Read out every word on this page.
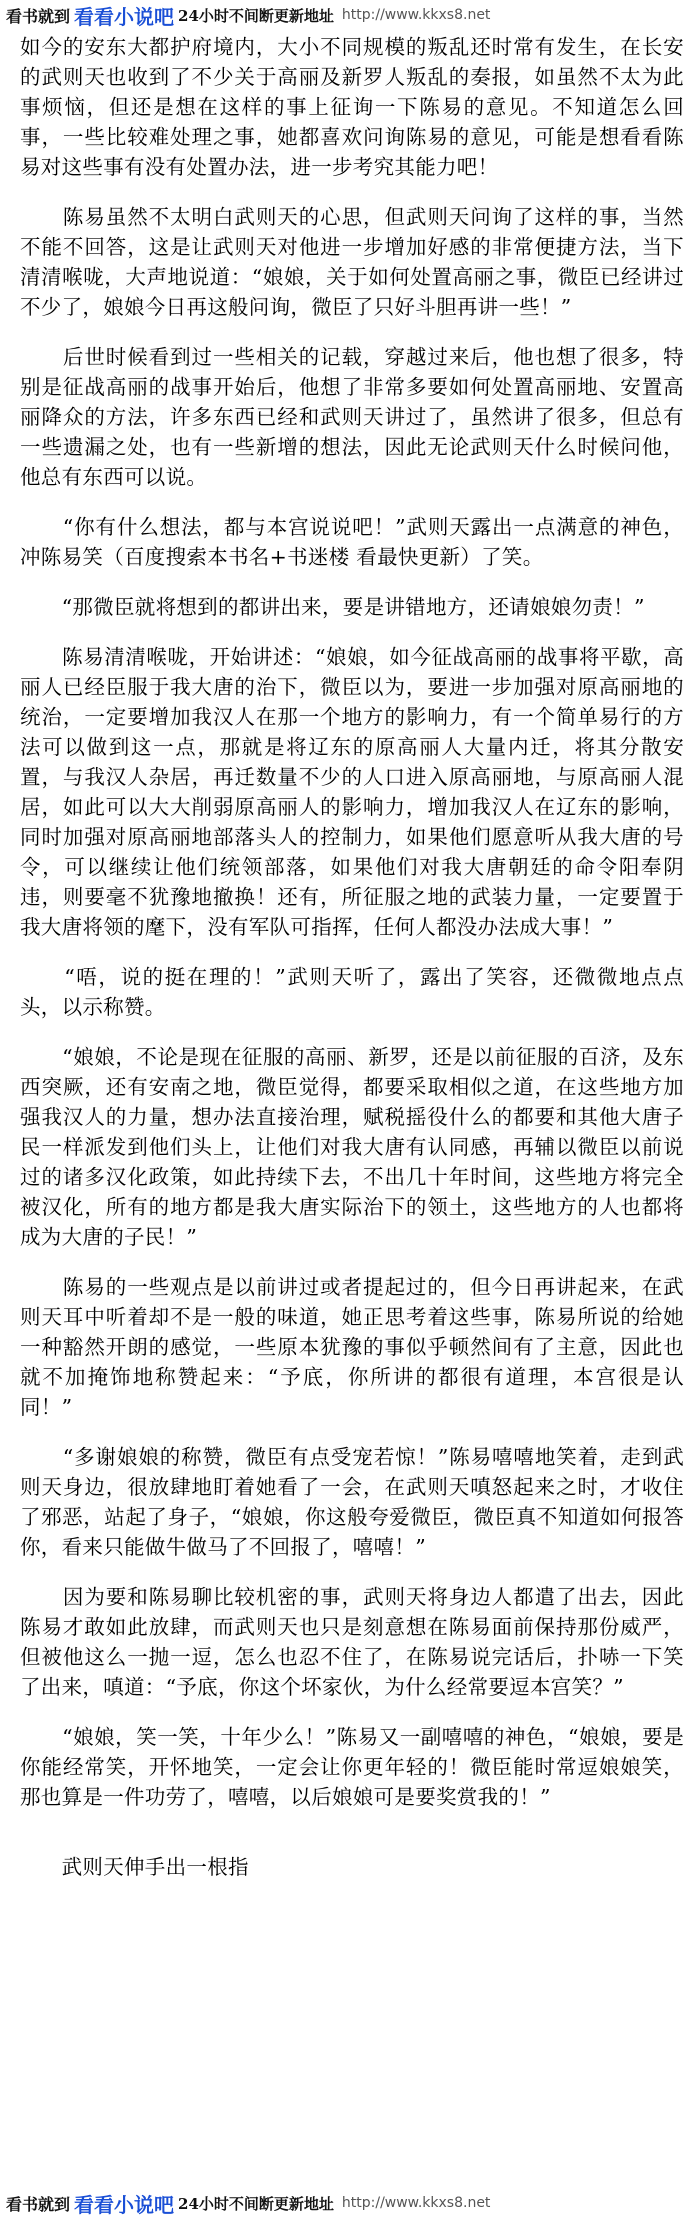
看书就到 看看小说吧 24小时不间断更新地址 http://www.kkxs8.net

如今的安东大都护府境内，大小不同规模的叛乱还时常有发生，在长安的武则天也收到了不少关于高丽及新罗人叛乱的奏报，如虽然不太为此事烦恼，但还是想在这样的事上征询一下陈易的意见。不知道怎么回事，一些比较难处理之事，她都喜欢问询陈易的意见，可能是想看看陈易对这些事有没有处置办法，进一步考究其能力吧！

　　陈易虽然不太明白武则天的心思，但武则天问询了这样的事，当然不能不回答，这是让武则天对他进一步增加好感的非常便捷方法，当下清清喉咙，大声地说道：“娘娘，关于如何处置高丽之事，微臣已经讲过不少了，娘娘今日再这般问询，微臣了只好斗胆再讲一些！”

　　后世时候看到过一些相关的记载，穿越过来后，他也想了很多，特别是征战高丽的战事开始后，他想了非常多要如何处置高丽地、安置高丽降众的方法，许多东西已经和武则天讲过了，虽然讲了很多，但总有一些遗漏之处，也有一些新增的想法，因此无论武则天什么时候问他，他总有东西可以说。

　　“你有什么想法，都与本宫说说吧！”武则天露出一点满意的神色，冲陈易笑（百度搜索本书名+书迷楼 看最快更新）了笑。

　　“那微臣就将想到的都讲出来，要是讲错地方，还请娘娘勿责！”

　　陈易清清喉咙，开始讲述：“娘娘，如今征战高丽的战事将平歇，高丽人已经臣服于我大唐的治下，微臣以为，要进一步加强对原高丽地的统治，一定要增加我汉人在那一个地方的影响力，有一个简单易行的方法可以做到这一点，那就是将辽东的原高丽人大量内迁，将其分散安置，与我汉人杂居，再迁数量不少的人口进入原高丽地，与原高丽人混居，如此可以大大削弱原高丽人的影响力，增加我汉人在辽东的影响，同时加强对原高丽地部落头人的控制力，如果他们愿意听从我大唐的号令，可以继续让他们统领部落，如果他们对我大唐朝廷的命令阳奉阴违，则要毫不犹豫地撤换！还有，所征服之地的武装力量，一定要置于我大唐将领的麾下，没有军队可指挥，任何人都没办法成大事！”

　　“唔，说的挺在理的！”武则天听了，露出了笑容，还微微地点点头，以示称赞。

　　“娘娘，不论是现在征服的高丽、新罗，还是以前征服的百济，及东西突厥，还有安南之地，微臣觉得，都要采取相似之道，在这些地方加强我汉人的力量，想办法直接治理，赋税摇役什么的都要和其他大唐子民一样派发到他们头上，让他们对我大唐有认同感，再辅以微臣以前说过的诸多汉化政策，如此持续下去，不出几十年时间，这些地方将完全被汉化，所有的地方都是我大唐实际治下的领土，这些地方的人也都将成为大唐的子民！”

　　陈易的一些观点是以前讲过或者提起过的，但今日再讲起来，在武则天耳中听着却不是一般的味道，她正思考着这些事，陈易所说的给她一种豁然开朗的感觉，一些原本犹豫的事似乎顿然间有了主意，因此也就不加掩饰地称赞起来：“予底，你所讲的都很有道理，本宫很是认同！”

　　“多谢娘娘的称赞，微臣有点受宠若惊！”陈易嘻嘻地笑着，走到武则天身边，很放肆地盯着她看了一会，在武则天嗔怒起来之时，才收住了邪恶，站起了身子，“娘娘，你这般夸爱微臣，微臣真不知道如何报答你，看来只能做牛做马了不回报了，嘻嘻！”

　　因为要和陈易聊比较机密的事，武则天将身边人都遣了出去，因此陈易才敢如此放肆，而武则天也只是刻意想在陈易面前保持那份威严，但被他这么一抛一逗，怎么也忍不住了，在陈易说完话后，扑哧一下笑了出来，嗔道：“予底，你这个坏家伙，为什么经常要逗本宫笑？”

　　“娘娘，笑一笑，十年少么！”陈易又一副嘻嘻的神色，“娘娘，要是你能经常笑，开怀地笑，一定会让你更年轻的！微臣能时常逗娘娘笑，那也算是一件功劳了，嘻嘻，以后娘娘可是要奖赏我的！”

　　武则天伸手出一根指

看书就到 看看小说吧 24小时不间断更新地址 http://www.kkxs8.net
